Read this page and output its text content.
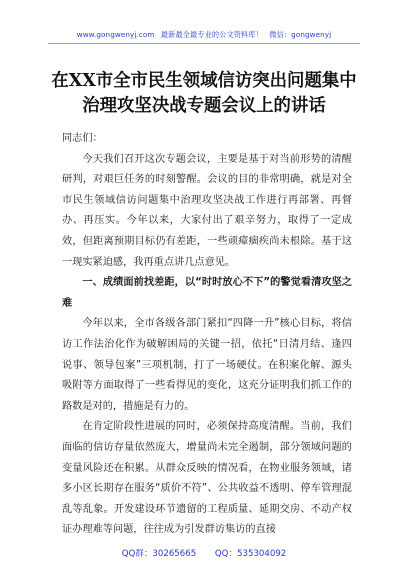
www.gongwenyj.com 最新最全最专业的公文资料库！ 微信：gongwenyj
在XX市全市民生领域信访突出问题集中
治理攻坚决战专题会议上的讲话

同志们：

今天我们召开这次专题会议，主要是基于对当前形势的清醒研判，对艰巨任务的时刻警醒。会议的目的非常明确，就是对全市民生领域信访问题集中治理攻坚决战工作进行再部署、再督办、再压实。今年以来，大家付出了艰辛努力，取得了一定成效，但距离预期目标仍有差距，一些顽瘴痼疾尚未根除。基于这一现实紧迫感，我再重点讲几点意见。

一、成绩面前找差距，以“时时放心不下”的警觉看清攻坚之难

今年以来，全市各级各部门紧扣“四降一升”核心目标，将信访工作法治化作为破解困局的关键一招，依托“日清月结、逢四说事、领导包案”三项机制，打了一场硬仗。在积案化解、源头吸附等方面取得了一些看得见的变化，这充分证明我们抓工作的路数是对的，措施是有力的。

在肯定阶段性进展的同时，必须保持高度清醒。当前，我们面临的信访存量依然庞大，增量尚未完全遏制，部分领域问题的变量风险还在积累。从群众反映的情况看，在物业服务领域，诸多小区长期存在服务“质价不符”、公共收益不透明、停车管理混乱等乱象。开发建设环节遗留的工程质量、延期交房、不动产权证办理难等问题，往往成为引发群访集访的直接

QQ群：30265665 QQ：535304092
